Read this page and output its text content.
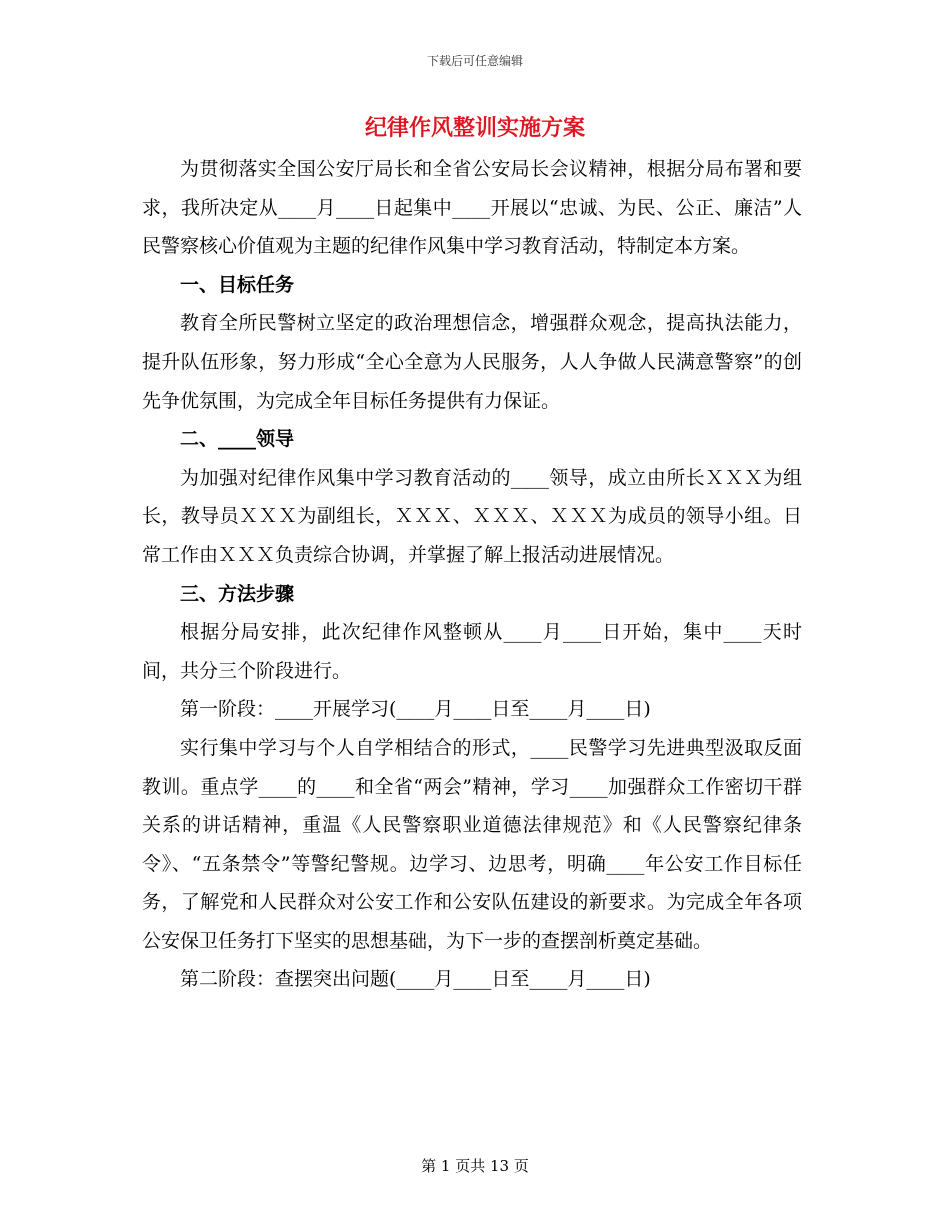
下载后可任意编辑
纪律作风整训实施方案

为贯彻落实全国公安厅局长和全省公安局长会议精神，根据分局布署和要求，我所决定从____月____日起集中____开展以“忠诚、为民、公正、廉洁”人民警察核心价值观为主题的纪律作风集中学习教育活动，特制定本方案。

一、目标任务

教育全所民警树立坚定的政治理想信念，增强群众观念，提高执法能力，提升队伍形象，努力形成“全心全意为人民服务，人人争做人民满意警察”的创先争优氛围，为完成全年目标任务提供有力保证。

二、____领导

为加强对纪律作风集中学习教育活动的____领导，成立由所长ＸＸＸ为组长，教导员ＸＸＸ为副组长，ＸＸＸ、ＸＸＸ、ＸＸＸ为成员的领导小组。日常工作由ＸＸＸ负责综合协调，并掌握了解上报活动进展情况。

三、方法步骤

根据分局安排，此次纪律作风整顿从____月____日开始，集中____天时间，共分三个阶段进行。

第一阶段：____开展学习(____月____日至____月____日)

实行集中学习与个人自学相结合的形式，____民警学习先进典型汲取反面教训。重点学____的____和全省“两会”精神，学习____加强群众工作密切干群关系的讲话精神，重温《人民警察职业道德法律规范》和《人民警察纪律条令》、“五条禁令”等警纪警规。边学习、边思考，明确____年公安工作目标任务，了解党和人民群众对公安工作和公安队伍建设的新要求。为完成全年各项公安保卫任务打下坚实的思想基础，为下一步的查摆剖析奠定基础。

第二阶段：查摆突出问题(____月____日至____月____日)

第 1 页共 13 页
